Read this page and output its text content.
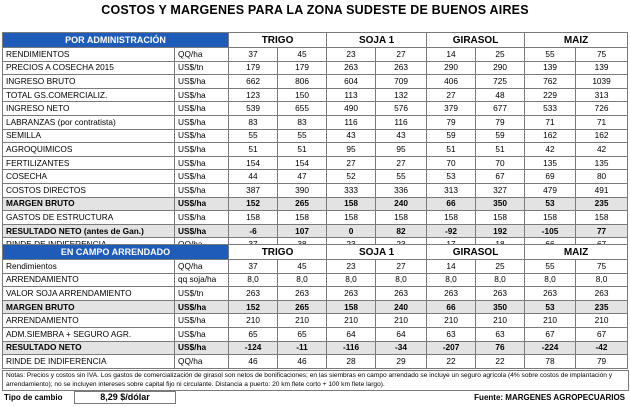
COSTOS Y MARGENES PARA LA ZONA SUDESTE DE BUENOS AIRES
POR ADMINISTRACIÓN		TRIGO		SOJA 1		GIRASOL		MAIZ	
RENDIMIENTOS	QQ/ha	37	45	23	27	14	25	55	75
PRECIOS A COSECHA 2015	US$/tn	179	179	263	263	290	290	139	139
INGRESO BRUTO	US$/ha	662	806	604	709	406	725	762	1039
TOTAL GS.COMERCIALIZ.	US$/ha	123	150	113	132	27	48	229	313
INGRESO NETO	US$/ha	539	655	490	576	379	677	533	726
LABRANZAS (por contratista)	US$/ha	83	83	116	116	79	79	71	71
SEMILLA	US$/ha	55	55	43	43	59	59	162	162
AGROQUIMICOS	US$/ha	51	51	95	95	51	51	42	42
FERTILIZANTES	US$/ha	154	154	27	27	70	70	135	135
COSECHA	US$/ha	44	47	52	55	53	67	69	80
COSTOS DIRECTOS	US$/ha	387	390	333	336	313	327	479	491
MARGEN BRUTO	US$/ha	152	265	158	240	66	350	53	235
GASTOS DE ESTRUCTURA	US$/ha	158	158	158	158	158	158	158	158
RESULTADO NETO (antes de Gan.)	US$/ha	-6	107	0	82	-92	192	-105	77

EN CAMPO ARRENDADO		TRIGO		SOJA 1		GIRASOL		MAIZ	
Rendimientos	QQ/ha	37	45	23	27	14	25	55	75
ARRENDAMIENTO	qq soja/ha	8,0	8,0	8,0	8,0	8,0	8,0	8,0	8,0
VALOR SOJA ARRENDAMIENTO	US$/tn	263	263	263	263	263	263	263	263
MARGEN BRUTO	US$/ha	152	265	158	240	66	350	53	235
ARRENDAMIENTO	US$/ha	210	210	210	210	210	210	210	210
ADM.SIEMBRA + SEGURO AGR.	US$/ha	65	65	64	64	63	63	67	67
RESULTADO NETO	US$/ha	-124	-11	-116	-34	-207	76	-224	-42
RINDE DE INDIFERENCIA	QQ/ha	46	46	28	29	22	22	78	79
Notas: Precios y costos sin IVA. Los gastos de comercialización de girasol son netos de bonificaciones; en las siembras en campo arrendado se incluye un seguro agrícola (4% sobre costos de implantación y arrendamiento); no se incluyen intereses sobre capital fijo ni circulante. Distancia a puerto: 20 km flete corto + 100 km flete largo).
Tipo de cambio	8,29 $/dólar	Fuente: MARGENES AGROPECUARIOS
